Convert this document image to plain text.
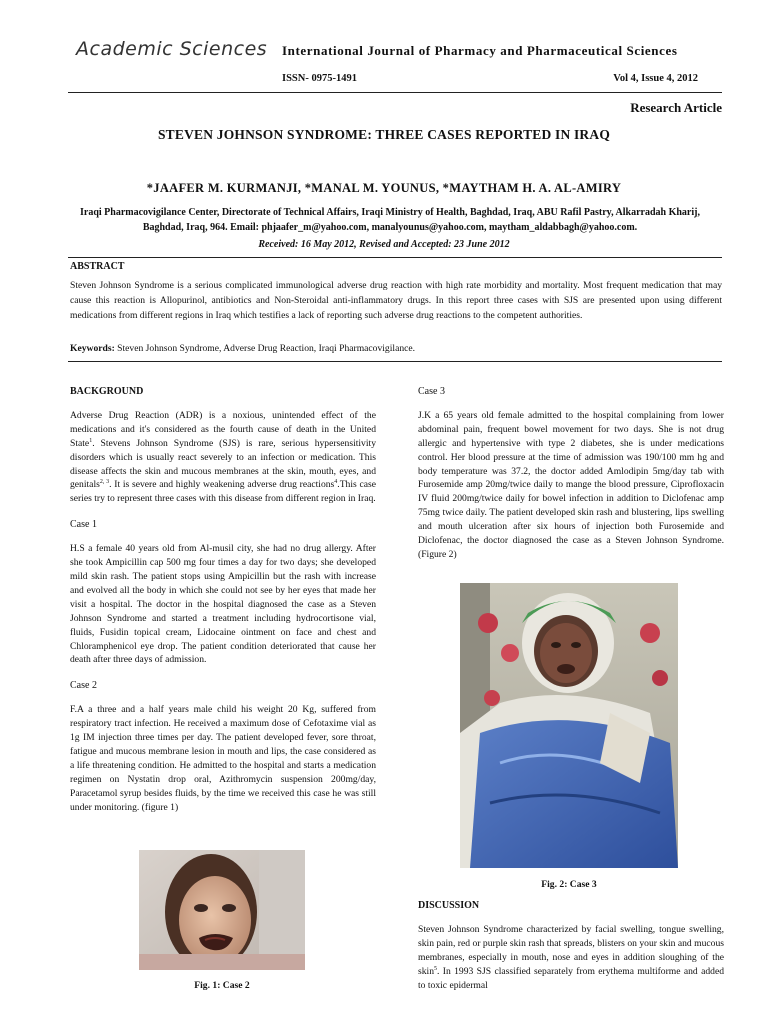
Academic Sciences International Journal of Pharmacy and Pharmaceutical Sciences
ISSN- 0975-1491	Vol 4, Issue 4, 2012
Research Article
STEVEN JOHNSON SYNDROME: THREE CASES REPORTED IN IRAQ
*JAAFER M. KURMANJI, *MANAL M. YOUNUS, *MAYTHAM H. A. AL-AMIRY
Iraqi Pharmacovigilance Center, Directorate of Technical Affairs, Iraqi Ministry of Health, Baghdad, Iraq, ABU Rafil Pastry, Alkarradah Kharij, Baghdad, Iraq, 964. Email: phjaafer_m@yahoo.com, manalyounus@yahoo.com, maytham_aldabbagh@yahoo.com.
Received: 16 May 2012, Revised and Accepted: 23 June 2012
ABSTRACT
Steven Johnson Syndrome is a serious complicated immunological adverse drug reaction with high rate morbidity and mortality. Most frequent medication that may cause this reaction is Allopurinol, antibiotics and Non-Steroidal anti-inflammatory drugs. In this report three cases with SJS are presented upon using different medications from different regions in Iraq which testifies a lack of reporting such adverse drug reactions to the competent authorities.
Keywords: Steven Johnson Syndrome, Adverse Drug Reaction, Iraqi Pharmacovigilance.
BACKGROUND

Adverse Drug Reaction (ADR) is a noxious, unintended effect of the medications and it's considered as the fourth cause of death in the United State$^1$. Stevens Johnson Syndrome (SJS) is rare, serious hypersensitivity disorders which is usually react severely to an infection or medication. This disease affects the skin and mucous membranes at the skin, mouth, eyes, and genitals$^{2, 3}$. It is severe and highly weakening adverse drug reactions$^4$.This case series try to represent three cases with this disease from different region in Iraq.

Case 1

H.S a female 40 years old from Al-musil city, she had no drug allergy. After she took Ampicillin cap 500 mg four times a day for two days; she developed mild skin rash. The patient stops using Ampicillin but the rash with increase and evolved all the body in which she could not see by her eyes that made her visit a hospital. The doctor in the hospital diagnosed the case as a Steven Johnson Syndrome and started a treatment including hydrocortisone vial, fluids, Fusidin topical cream, Lidocaine ointment on face and chest and Chloramphenicol eye drop. The patient condition deteriorated that cause her death after three days of admission.

Case 2

F.A a three and a half years male child his weight 20 Kg, suffered from respiratory tract infection. He received a maximum dose of Cefotaxime vial as 1g IM injection three times per day. The patient developed fever, sore throat, fatigue and mucous membrane lesion in mouth and lips, the case considered as a life threatening condition. He admitted to the hospital and starts a medication regimen on Nystatin drop oral, Azithromycin suspension 200mg/day, Paracetamol syrup besides fluids, by the time we received this case he was still under monitoring. (figure 1)

Fig. 1: Case 2
Case 3

J.K a 65 years old female admitted to the hospital complaining from lower abdominal pain, frequent bowel movement for two days. She is not drug allergic and hypertensive with type 2 diabetes, she is under medications control. Her blood pressure at the time of admission was 190/100 mm hg and body temperature was 37.2, the doctor added Amlodipin 5mg/day tab with Furosemide amp 20mg/twice daily to mange the blood pressure, Ciprofloxacin IV fluid 200mg/twice daily for bowel infection in addition to Diclofenac amp 75mg twice daily. The patient developed skin rash and blustering, lips swelling and mouth ulceration after six hours of injection both Furosemide and Diclofenac, the doctor diagnosed the case as a Steven Johnson Syndrome. (Figure 2)

Fig. 2: Case 3
DISCUSSION

Steven Johnson Syndrome characterized by facial swelling, tongue swelling, skin pain, red or purple skin rash that spreads, blisters on your skin and mucous membranes, especially in mouth, nose and eyes in addition sloughing of the skin$^5$. In 1993 SJS classified separately from erythema multiforme and added to toxic epidermal
